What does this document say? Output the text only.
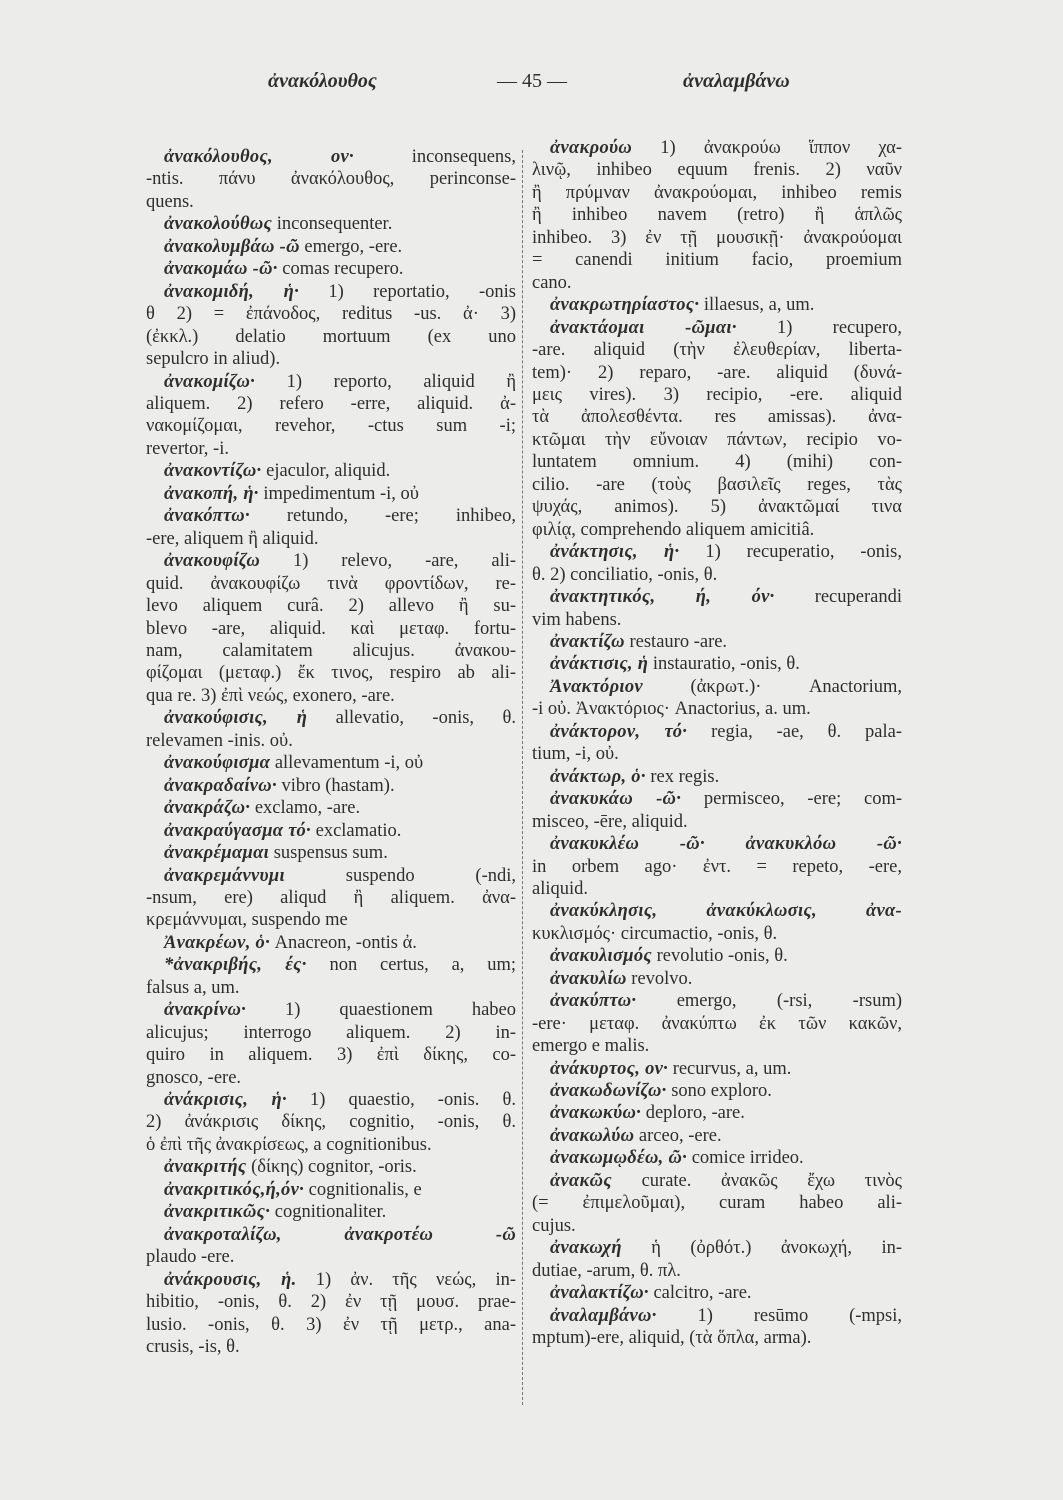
ἀνακόλουθος	— 45 —	ἀναλαμβάνω
ἀνακόλουθος, ον·	inconsequens,
-ntis. πάνυ ἀνακόλουθος, perinconse-
quens.
ἀνακολούθως inconsequenter.
ἀνακολυμβάω -ῶ emergo, -ere.
ἀνακομάω -ῶ· comas recupero.
ἀνακομιδή, ἡ· 1) reportatio, -onis
θ 2) = ἐπάνοδος, reditus -us. ἀ· 3)
(ἐκκλ.) delatio mortuum (ex uno
sepulcro in aliud).
ἀνακομίζω· 1) reporto, aliquid ἢ
aliquem. 2) refero -erre, aliquid. ἀ-
νακομίζομαι, revehor, -ctus sum -i;
revertor, -i.
ἀνακοντίζω· ejaculor, aliquid.
ἀνακοπή, ἡ· impedimentum -i, οὐ
ἀνακόπτω· retundo, -ere; inhibeo,
-ere, aliquem ἢ aliquid.
ἀνακουφίζω 1) relevo, -are, ali-
quid. ἀνακουφίζω τινὰ φροντίδων, re-
levo aliquem curâ. 2) allevo ἢ su-
blevo -are, aliquid. καὶ μεταφ. fortu-
nam, calamitatem alicujus. ἀνακου-
φίζομαι (μεταφ.) ἔκ τινος, respiro ab ali-
qua re. 3) ἐπὶ νεώς, exonero, -are.
ἀνακούφισις, ἡ allevatio, -onis, θ.
relevamen -inis. οὐ.
ἀνακούφισμα allevamentum -i, οὐ
ἀνακραδαίνω· vibro (hastam).
ἀνακράζω· exclamo, -are.
ἀνακραύγασμα τό· exclamatio.
ἀνακρέμαμαι suspensus sum.
ἀνακρεμάννυμι	suspendo (-ndi,
-nsum, ere) aliqud ἢ aliquem. ἀνα-
κρεμάννυμαι, suspendo me
Ἀνακρέων, ὁ· Anacreon, -ontis ἀ.
*ἀνακριβής, ές· non certus, a, um;
falsus a, um.
ἀνακρίνω· 1) quaestionem habeo
alicujus; interrogo aliquem. 2) in-
quiro in aliquem. 3) ἐπὶ δίκης, co-
gnosco, -ere.
ἀνάκρισις, ἡ· 1) quaestio, -onis. θ.
2) ἀνάκρισις δίκης, cognitio, -onis, θ.
ὁ ἐπὶ τῆς ἀνακρίσεως, a cognitionibus.
ἀνακριτής (δίκης) cognitor, -oris.
ἀνακριτικός,ή,όν· cognitionalis, e
ἀνακριτικῶς· cognitionaliter.
ἀνακροταλίζω, ἀνακροτέω -ῶ
plaudo -ere.
ἀνάκρουσις, ἡ. 1) ἀν. τῆς νεώς, in-
hibitio, -onis, θ. 2) ἐν τῇ μουσ. prae-
lusio. -onis, θ. 3) ἐν τῇ μετρ., ana-
crusis, -is, θ.
ἀνακρούω 1) ἀνακρούω ἵππον χα-
λινῷ, inhibeo equum frenis. 2) ναῦν
ἢ πρύμναν ἀνακρούομαι, inhibeo remis
ἢ inhibeo navem (retro) ἢ ἁπλῶς
inhibeo. 3) ἐν τῇ μουσικῇ· ἀνακρούομαι
= canendi initium facio, proemium
cano.
ἀνακρωτηρίαστος· illaesus, a, um.
ἀνακτάομαι -ῶμαι· 1) recupero,
-are. aliquid (τὴν ἐλευθερίαν, liberta-
tem)· 2) reparo, -are. aliquid (δυνά-
μεις vires). 3) recipio, -ere. aliquid
τὰ ἀπολεσθέντα. res amissas). ἀνα-
κτῶμαι τὴν εὔνοιαν πάντων, recipio vo-
luntatem omnium. 4) (mihi) con-
cilio. -are (τοὺς βασιλεῖς reges, τὰς
ψυχάς, animos). 5) ἀνακτῶμαί τινα
φιλίᾳ, comprehendo aliquem amicitiâ.
ἀνάκτησις, ἡ· 1) recuperatio, -onis,
θ. 2) conciliatio, -onis, θ.
ἀνακτητικός, ή, όν· recuperandi
vim habens.
ἀνακτίζω restauro -are.
ἀνάκτισις, ἡ instauratio, -onis, θ.
Ἀνακτόριον	(ἀκρωτ.)· Anactorium,
-i οὐ. Ἀνακτόριος· Anactorius, a. um.
ἀνάκτορον, τό· regia, -ae, θ. pala-
tium, -i, οὐ.
ἀνάκτωρ, ὁ· rex regis.
ἀνακυκάω -ῶ· permisceo, -ere; com-
misceo, -ēre, aliquid.
ἀνακυκλέω -ῶ· ἀνακυκλόω -ῶ·
in orbem ago· ἐντ. = repeto, -ere,
aliquid.
ἀνακύκλησις, ἀνακύκλωσις, ἀνα-
κυκλισμός· circumactio, -onis, θ.
ἀνακυλισμός revolutio -onis, θ.
ἀνακυλίω revolvo.
ἀνακύπτω· emergo, (-rsi, -rsum)
-ere· μεταφ. ἀνακύπτω ἐκ τῶν κακῶν,
emergo e malis.
ἀνάκυρτος, ον· recurvus, a, um.
ἀνακωδωνίζω· sono exploro.
ἀνακωκύω· deploro, -are.
ἀνακωλύω arceo, -ere.
ἀνακωμῳδέω, ῶ· comice irrideo.
ἀνακῶς curate. ἀνακῶς ἔχω τινὸς
(= ἐπιμελοῦμαι), curam habeo ali-
cujus.
ἀνακωχή ἡ (ὀρθότ.) ἀνοκωχή, in-
dutiae, -arum, θ. πλ.
ἀναλακτίζω· calcitro, -are.
ἀναλαμβάνω· 1) resūmo (-mpsi,
mptum)-ere, aliquid, (τὰ ὅπλα, arma).
